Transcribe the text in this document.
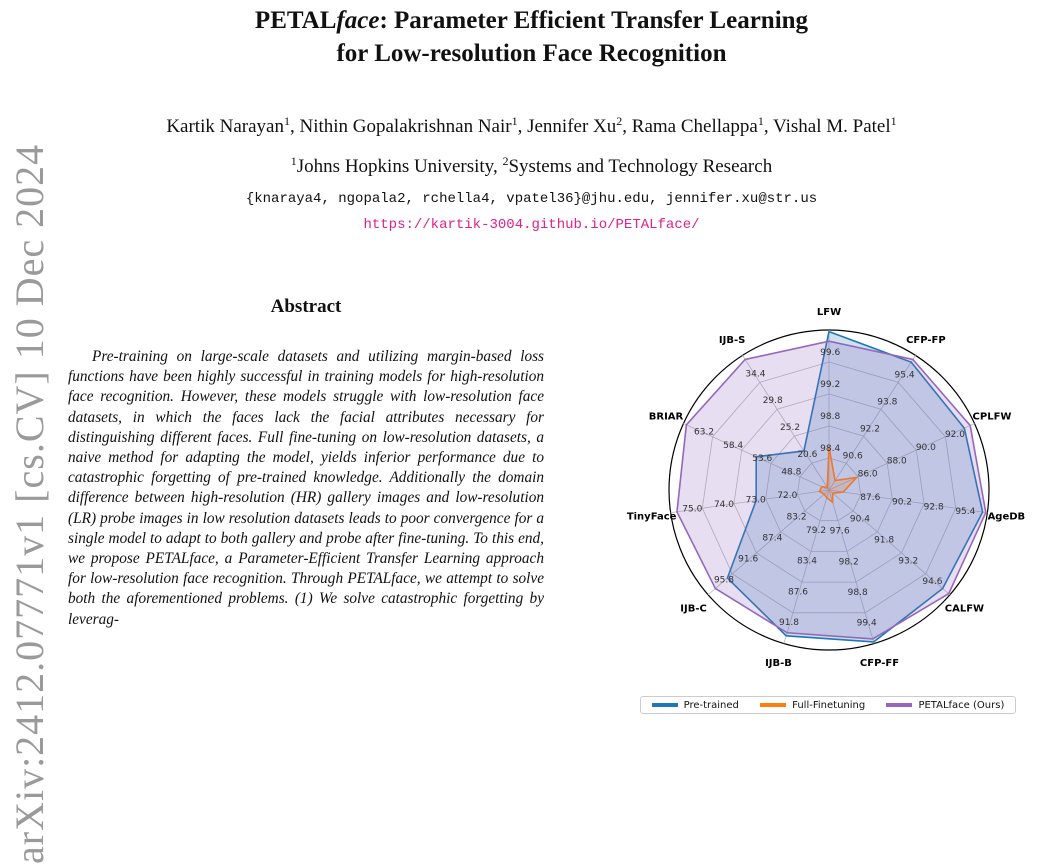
arXiv:2412.07771v1 [cs.CV] 10 Dec 2024
PETALface: Parameter Efficient Transfer Learning
for Low-resolution Face Recognition
Kartik Narayan$^1$, Nithin Gopalakrishnan Nair$^1$, Jennifer Xu$^2$, Rama Chellappa$^1$, Vishal M. Patel$^1$
$^1$Johns Hopkins University, $^2$Systems and Technology Research
{knaraya4, ngopala2, rchella4, vpatel36}@jhu.edu, jennifer.xu@str.us
https://kartik-3004.github.io/PETALface/
Abstract
Pre-training on large-scale datasets and utilizing margin-based loss functions have been highly successful in training models for high-resolution face recognition. However, these models struggle with low-resolution face datasets, in which the faces lack the facial attributes necessary for distinguishing different faces. Full fine-tuning on low-resolution datasets, a naive method for adapting the model, yields inferior performance due to catastrophic forgetting of pre-trained knowledge. Additionally the domain difference between high-resolution (HR) gallery images and low-resolution (LR) probe images in low resolution datasets leads to poor convergence for a single model to adapt to both gallery and probe after fine-tuning. To this end, we propose PETALface, a Parameter-Efficient Transfer Learning approach for low-resolution face recognition. Through PETALface, we attempt to solve both the aforementioned problems. (1) We solve catastrophic forgetting by leverag-
98.4
98.8
99.2
99.6
90.6
92.2
93.8
95.4
86.0
88.0
90.0
92.0
87.6 90.2 92.8 95.4
90.4
91.8
93.2
94.6
97.6
98.2
98.8
99.4
79.2
83.4
87.6
91.8
83.2
87.4
91.6
95.8
72.0
73.0
74.0
75.0
48.8
53.6
58.4
63.2
20.6
25.2
29.8
34.4
LFW
CFP-FP
CPLFW
AgeDB
CALFW
CFP-FF
IJB-B
IJB-C
TinyFace
BRIAR
IJB-S
Pre-trained	Full-Finetuning	PETALface (Ours)
